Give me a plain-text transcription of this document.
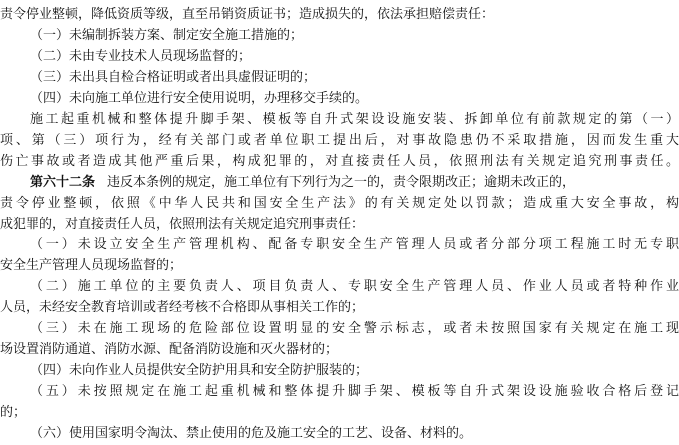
责令停业整顿，降低资质等级，直至吊销资质证书；造成损失的，依法承担赔偿责任：
（一）未编制拆装方案、制定安全施工措施的；
（二）未由专业技术人员现场监督的；
（三）未出具自检合格证明或者出具虚假证明的；
（四）未向施工单位进行安全使用说明，办理移交手续的。
施工起重机械和整体提升脚手架、模板等自升式架设设施安装、拆卸单位有前款规定的第（一）
项、第（三）项行为，经有关部门或者单位职工提出后，对事故隐患仍不采取措施，因而发生重大
伤亡事故或者造成其他严重后果，构成犯罪的，对直接责任人员，依照刑法有关规定追究刑事责任。
第六十二条 违反本条例的规定，施工单位有下列行为之一的，责令限期改正；逾期未改正的，
责令停业整顿，依照《中华人民共和国安全生产法》的有关规定处以罚款；造成重大安全事故，构
成犯罪的，对直接责任人员，依照刑法有关规定追究刑事责任：
（一）未设立安全生产管理机构、配备专职安全生产管理人员或者分部分项工程施工时无专职
安全生产管理人员现场监督的；
（二）施工单位的主要负责人、项目负责人、专职安全生产管理人员、作业人员或者特种作业
人员，未经安全教育培训或者经考核不合格即从事相关工作的；
（三）未在施工现场的危险部位设置明显的安全警示标志，或者未按照国家有关规定在施工现
场设置消防通道、消防水源、配备消防设施和灭火器材的；
（四）未向作业人员提供安全防护用具和安全防护服装的；
（五）未按照规定在施工起重机械和整体提升脚手架、模板等自升式架设设施验收合格后登记
的；
（六）使用国家明令淘汰、禁止使用的危及施工安全的工艺、设备、材料的。
